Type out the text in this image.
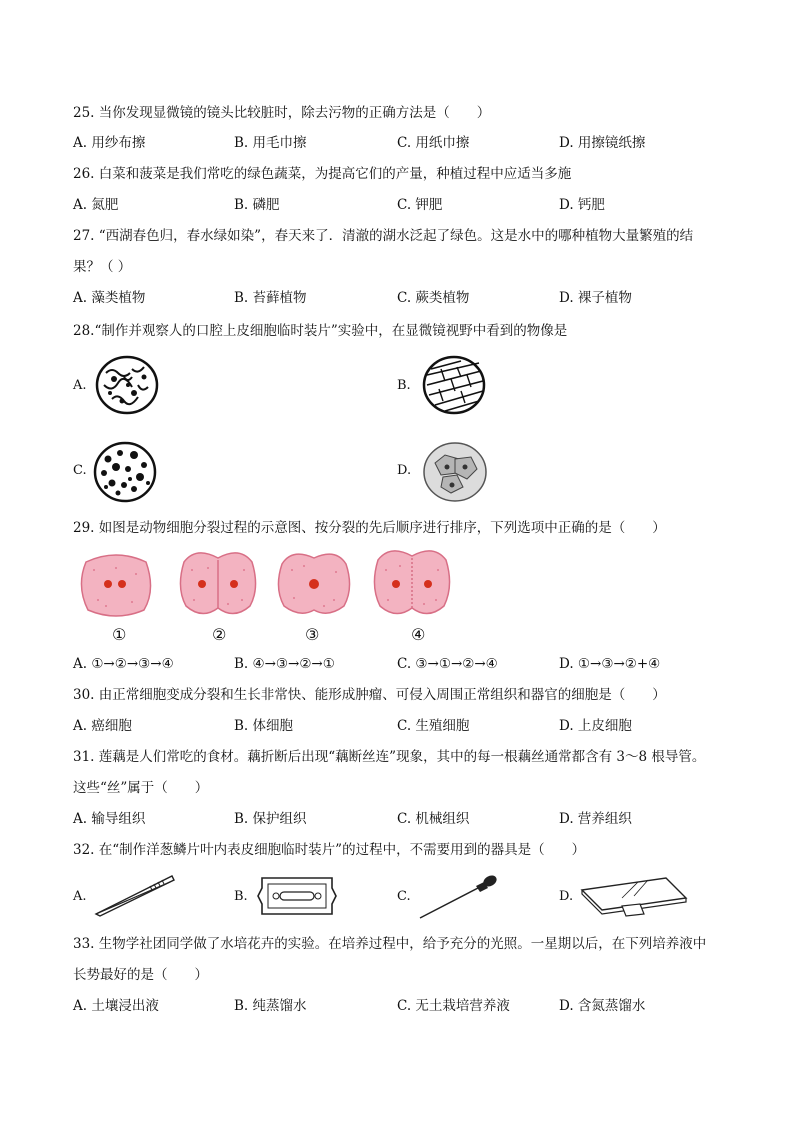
25. 当你发现显微镜的镜头比较脏时，除去污物的正确方法是（　　）
A. 用纱布擦	B. 用毛巾擦	C. 用纸巾擦	D. 用擦镜纸擦
26. 白菜和菠菜是我们常吃的绿色蔬菜，为提高它们的产量，种植过程中应适当多施
A. 氮肥	B. 磷肥	C. 钾肥	D. 钙肥
27. “西湖春色归，春水绿如染”，春天来了．清澈的湖水泛起了绿色。这是水中的哪种植物大量繁殖的结
果？（ ）
A. 藻类植物	B. 苔藓植物	C. 蕨类植物	D. 裸子植物
28.“制作并观察人的口腔上皮细胞临时装片”实验中，在显微镜视野中看到的物像是
A.	B.
C.	D.
29. 如图是动物细胞分裂过程的示意图、按分裂的先后顺序进行排序，下列选项中正确的是（　　）
①	②	③	④
A. ①→②→③→④	B. ④→③→②→①	C. ③→①→②→④	D. ①→③→②+④
30. 由正常细胞变成分裂和生长非常快、能形成肿瘤、可侵入周围正常组织和器官的细胞是（　　）
A. 癌细胞	B. 体细胞	C. 生殖细胞	D. 上皮细胞
31. 莲藕是人们常吃的食材。藕折断后出现“藕断丝连”现象，其中的每一根藕丝通常都含有 3～8 根导管。
这些“丝”属于（　　）
A. 输导组织	B. 保护组织	C. 机械组织	D. 营养组织
32. 在“制作洋葱鳞片叶内表皮细胞临时装片”的过程中，不需要用到的器具是（　　）
A.	B.	C.	D.
33. 生物学社团同学做了水培花卉的实验。在培养过程中，给予充分的光照。一星期以后，在下列培养液中
长势最好的是（　　）
A. 土壤浸出液	B. 纯蒸馏水	C. 无土栽培营养液	D. 含氮蒸馏水
